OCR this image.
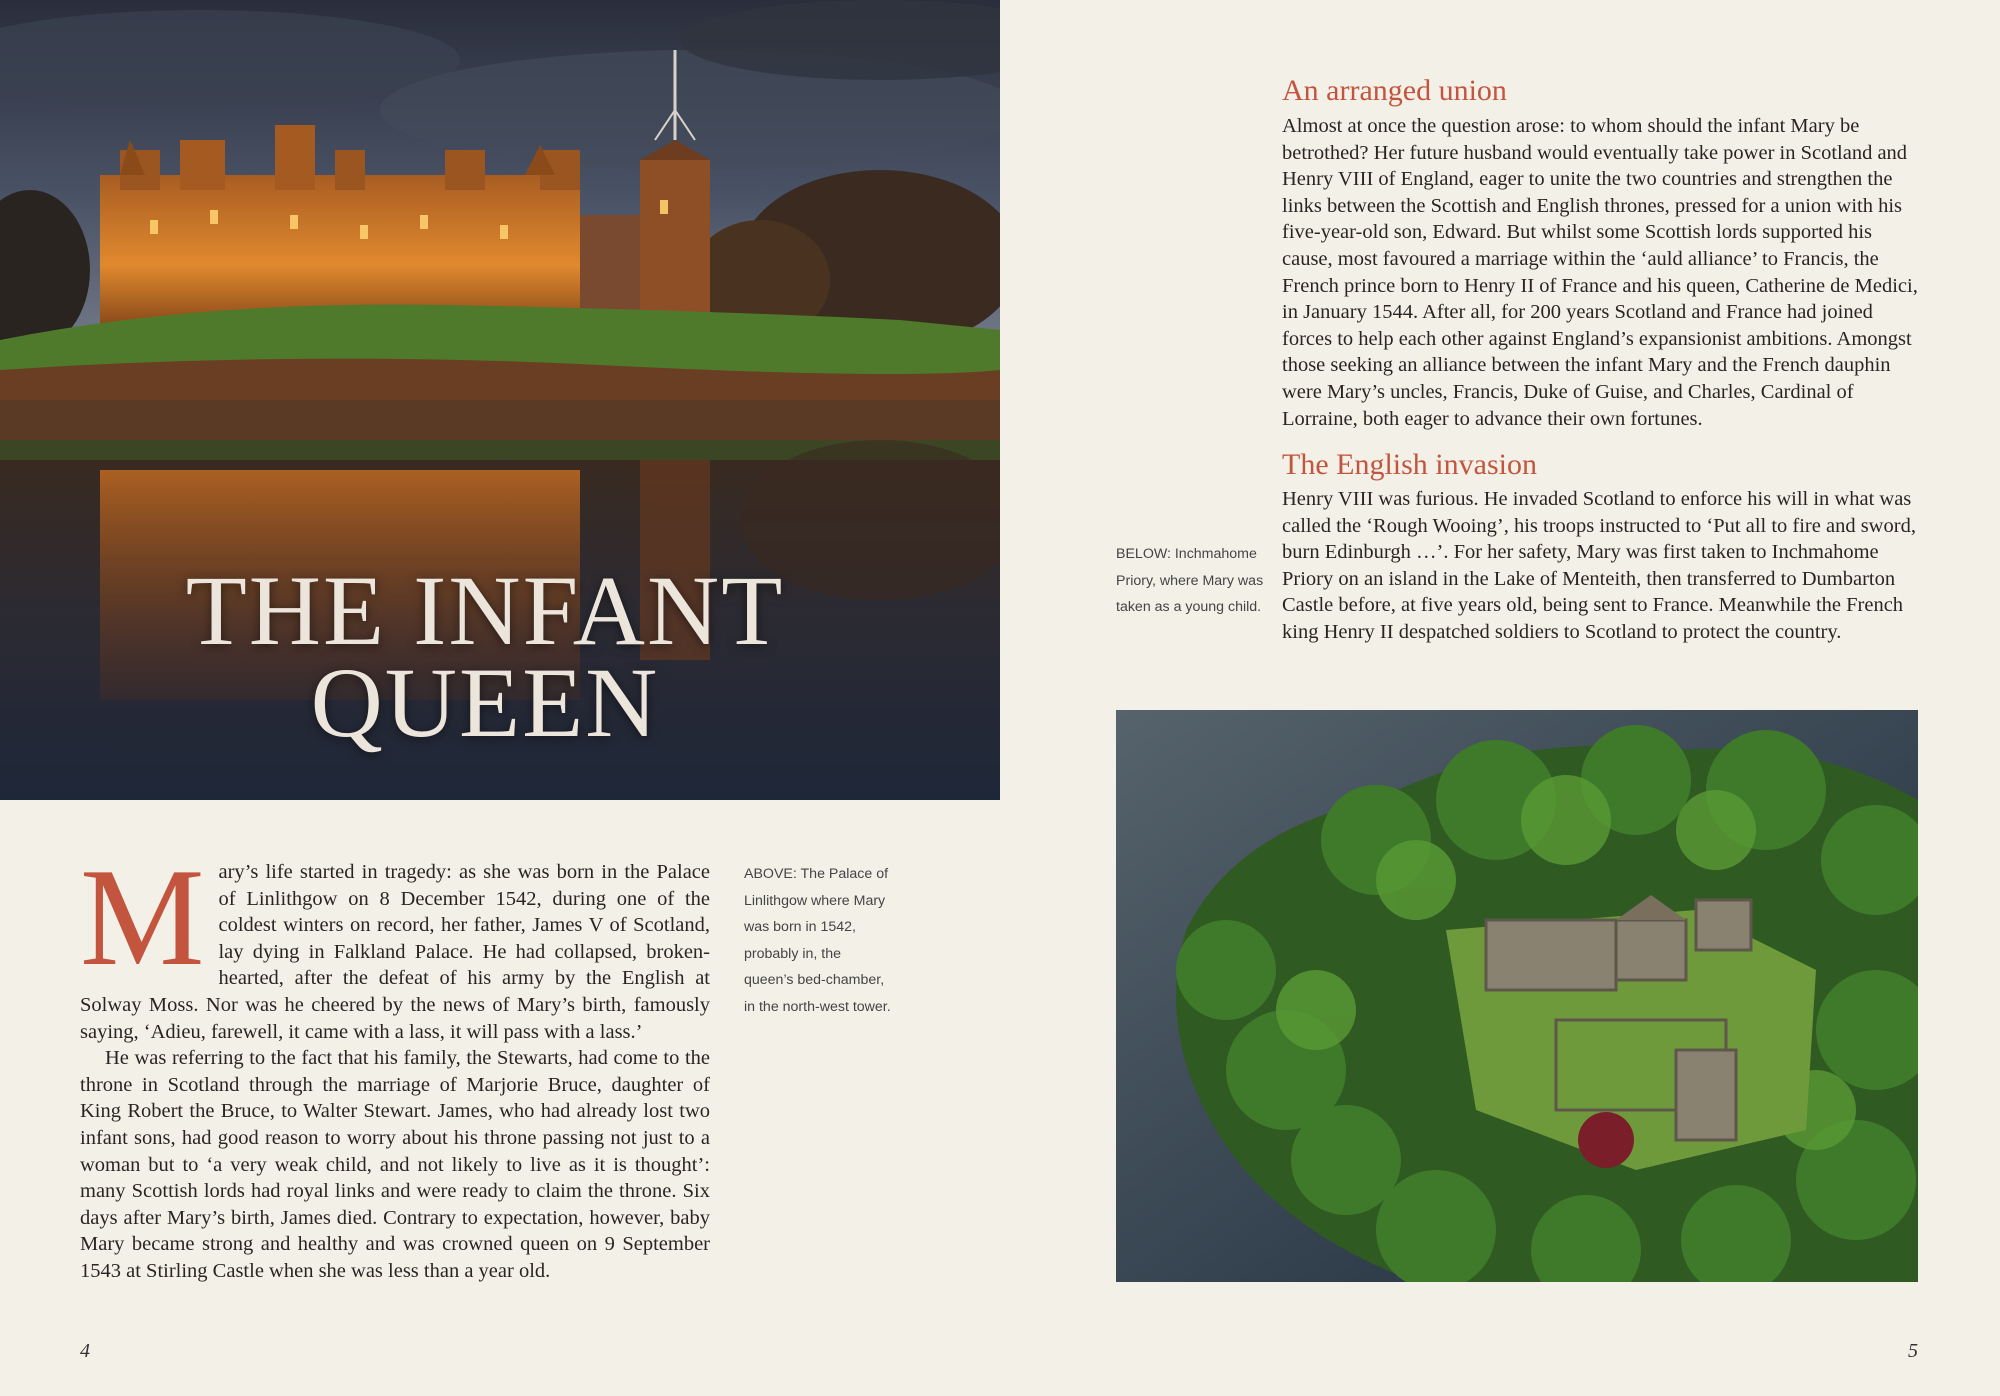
THE INFANT
QUEEN

Mary’s life started in tragedy: as she was born in the Palace of Linlithgow on 8 December 1542, during one of the coldest winters on record, her father, James V of Scotland, lay dying in Falkland Palace. He had collapsed, broken-hearted, after the defeat of his army by the English at Solway Moss. Nor was he cheered by the news of Mary’s birth, famously saying, ‘Adieu, farewell, it came with a lass, it will pass with a lass.’

He was referring to the fact that his family, the Stewarts, had come to the throne in Scotland through the marriage of Marjorie Bruce, daughter of King Robert the Bruce, to Walter Stewart. James, who had already lost two infant sons, had good reason to worry about his throne passing not just to a woman but to ‘a very weak child, and not likely to live as it is thought’: many Scottish lords had royal links and were ready to claim the throne. Six days after Mary’s birth, James died. Contrary to expectation, however, baby Mary became strong and healthy and was crowned queen on 9 September 1543 at Stirling Castle when she was less than a year old.

ABOVE: The Palace of Linlithgow where Mary was born in 1542, probably in, the queen’s bed-chamber, in the north-west tower.
An arranged union

Almost at once the question arose: to whom should the infant Mary be betrothed? Her future husband would eventually take power in Scotland and Henry VIII of England, eager to unite the two countries and strengthen the links between the Scottish and English thrones, pressed for a union with his five-year-old son, Edward. But whilst some Scottish lords supported his cause, most favoured a marriage within the ‘auld alliance’ to Francis, the French prince born to Henry II of France and his queen, Catherine de Medici, in January 1544. After all, for 200 years Scotland and France had joined forces to help each other against England’s expansionist ambitions. Amongst those seeking an alliance between the infant Mary and the French dauphin were Mary’s uncles, Francis, Duke of Guise, and Charles, Cardinal of Lorraine, both eager to advance their own fortunes.

The English invasion

Henry VIII was furious. He invaded Scotland to enforce his will in what was called the ‘Rough Wooing’, his troops instructed to ‘Put all to fire and sword, burn Edinburgh …’. For her safety, Mary was first taken to Inchmahome Priory on an island in the Lake of Menteith, then transferred to Dumbarton Castle before, at five years old, being sent to France. Meanwhile the French king Henry II despatched soldiers to Scotland to protect the country.

BELOW: Inchmahome Priory, where Mary was taken as a young child.
4	5
